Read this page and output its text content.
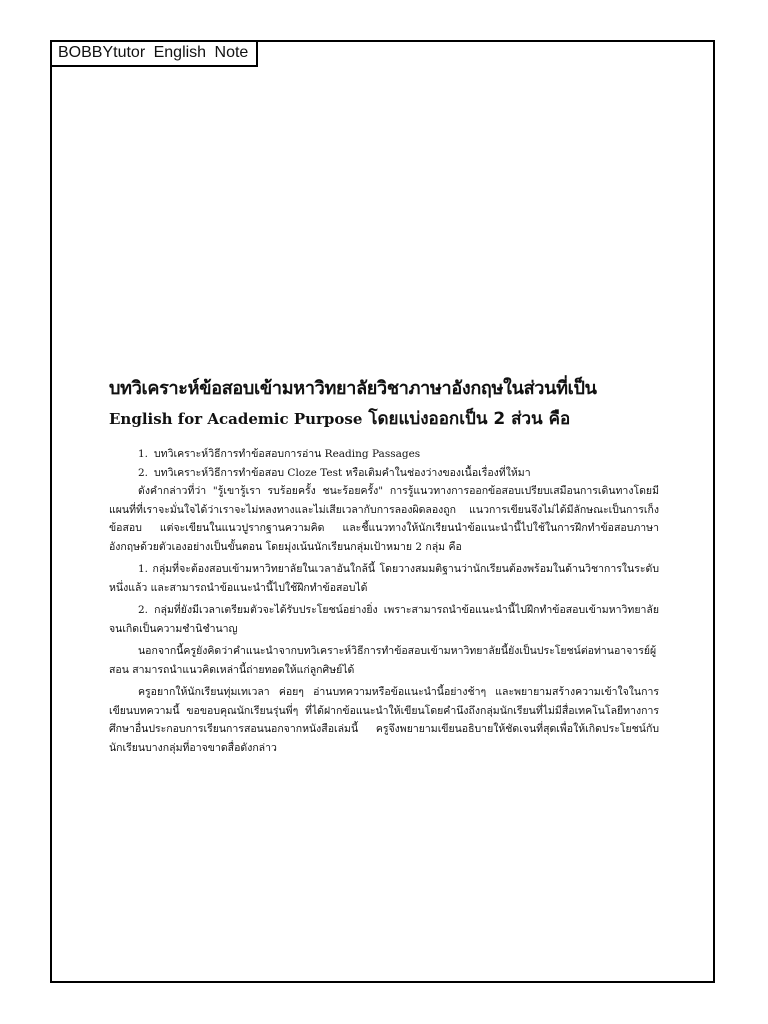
BOBBYtutor English Note
บทวิเคราะห์ข้อสอบเข้ามหาวิทยาลัยวิชาภาษาอังกฤษในส่วนที่เป็น
English for Academic Purpose โดยแบ่งออกเป็น 2 ส่วน คือ
1. บทวิเคราะห์วิธีการทำข้อสอบการอ่าน Reading Passages
2. บทวิเคราะห์วิธีการทำข้อสอบ Cloze Test หรือเติมคำในช่องว่างของเนื้อเรื่องที่ให้มา

ดังคำกล่าวที่ว่า "รู้เขารู้เรา รบร้อยครั้ง ชนะร้อยครั้ง" การรู้แนวทางการออกข้อสอบเปรียบเสมือนการเดินทางโดยมีแผนที่ที่เราจะมั่นใจได้ว่าเราจะไม่หลงทางและไม่เสียเวลากับการลองผิดลองถูก แนวการเขียนจึงไม่ได้มีลักษณะเป็นการเก็งข้อสอบ แต่จะเขียนในแนวปูรากฐานความคิด และชี้แนวทางให้นักเรียนนำข้อแนะนำนี้ไปใช้ในการฝึกทำข้อสอบภาษาอังกฤษด้วยตัวเองอย่างเป็นขั้นตอน โดยมุ่งเน้นนักเรียนกลุ่มเป้าหมาย 2 กลุ่ม คือ

1. กลุ่มที่จะต้องสอบเข้ามหาวิทยาลัยในเวลาอันใกล้นี้ โดยวางสมมติฐานว่านักเรียนต้องพร้อมในด้านวิชาการในระดับหนึ่งแล้ว และสามารถนำข้อแนะนำนี้ไปใช้ฝึกทำข้อสอบได้

2. กลุ่มที่ยังมีเวลาเตรียมตัวจะได้รับประโยชน์อย่างยิ่ง เพราะสามารถนำข้อแนะนำนี้ไปฝึกทำข้อสอบเข้ามหาวิทยาลัยจนเกิดเป็นความชำนิชำนาญ

นอกจากนี้ครูยังคิดว่าคำแนะนำจากบทวิเคราะห์วิธีการทำข้อสอบเข้ามหาวิทยาลัยนี้ยังเป็นประโยชน์ต่อท่านอาจารย์ผู้สอน สามารถนำแนวคิดเหล่านี้ถ่ายทอดให้แก่ลูกศิษย์ได้

ครูอยากให้นักเรียนทุ่มเทเวลา ค่อยๆ อ่านบทความหรือข้อแนะนำนี้อย่างช้าๆ และพยายามสร้างความเข้าใจในการเขียนบทความนี้ ขอขอบคุณนักเรียนรุ่นพี่ๆ ที่ได้ฝากข้อแนะนำให้เขียนโดยคำนึงถึงกลุ่มนักเรียนที่ไม่มีสื่อเทคโนโลยีทางการศึกษาอื่นประกอบการเรียนการสอนนอกจากหนังสือเล่มนี้ ครูจึงพยายามเขียนอธิบายให้ชัดเจนที่สุดเพื่อให้เกิดประโยชน์กับนักเรียนบางกลุ่มที่อาจขาดสื่อดังกล่าว
